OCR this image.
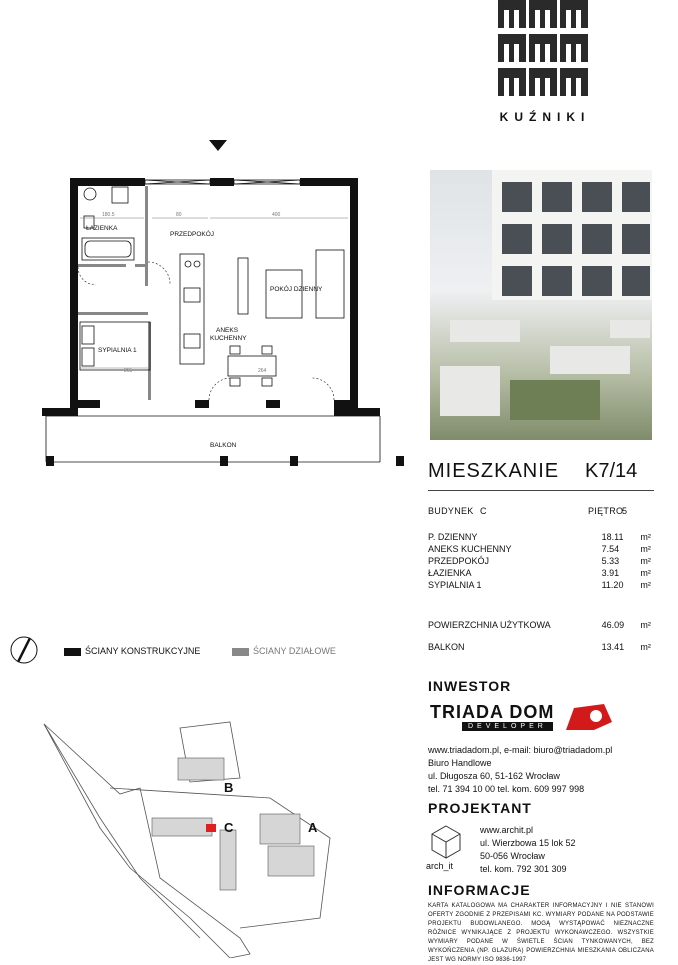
KUŹNIKI
ŁAZIENKA
PRZEDPOKÓJ
POKÓJ DZIENNY
ANEKS
KUCHENNY
SYPIALNIA 1
BALKON
180.5	80	400
265	264
MIESZKANIE K7/14
BUDYNEK C	PIĘTRO
5
P. DZIENNY	18.11	m²
ANEKS KUCHENNY	7.54	m²
PRZEDPOKÓJ	5.33	m²
ŁAZIENKA	3.91	m²
SYPIALNIA 1	11.20	m²
POWIERZCHNIA UŻYTKOWA	46.09	m²
BALKON	13.41	m²
ŚCIANY KONSTRUKCYJNE	ŚCIANY DZIAŁOWE
B
C	A
INWESTOR
TRIADA DOM
DEVELOPER
www.triadadom.pl, e-mail: biuro@triadadom.pl
Biuro Handlowe
ul. Długosza 60, 51-162 Wrocław
tel. 71 394 10 00 tel. kom. 609 997 998
PROJEKTANT
arch_it
www.archit.pl
ul. Wierzbowa 15 lok 52
50-056 Wrocław
tel. kom. 792 301 309
INFORMACJE
KARTA KATALOGOWA MA CHARAKTER INFORMACYJNY I NIE STANOWI OFERTY ZGODNIE Z PRZEPISAMI KC. WYMIARY PODANE NA PODSTAWIE PROJEKTU BUDOWLANEGO. MOGĄ WYSTĄPOWAĆ NIEZNACZNE RÓŻNICE WYNIKAJĄCE Z PROJEKTU WYKONAWCZEGO. WSZYSTKIE WYMIARY PODANE W ŚWIETLE ŚCIAN TYNKOWANYCH, BEZ WYKOŃCZENIA (NP. GLAZURA) POWIERZCHNIA MIESZKANIA OBLICZANA JEST WG NORMY ISO 9836-1997
